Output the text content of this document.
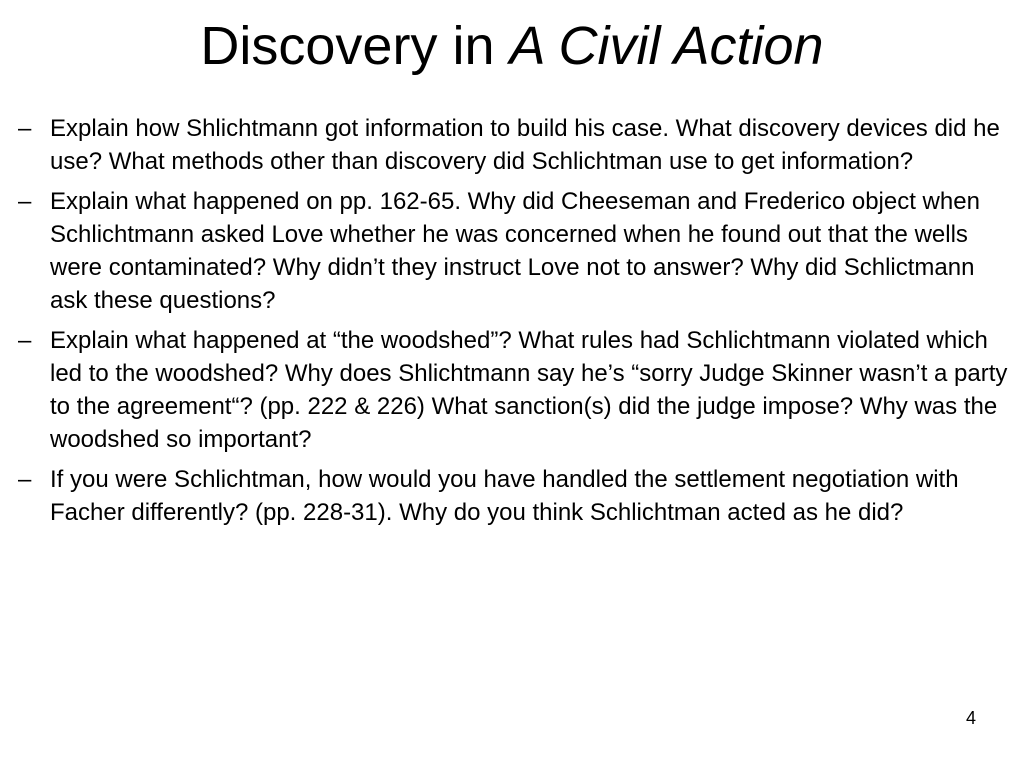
Discovery in A Civil Action
– Explain how Shlichtmann got information to build his case. What discovery devices did he use? What methods other than discovery did Schlichtman use to get information?
– Explain what happened on pp. 162-65. Why did Cheeseman and Frederico object when Schlichtmann asked Love whether he was concerned when he found out that the wells were contaminated? Why didn’t they instruct Love not to answer? Why did Schlictmann ask these questions?
– Explain what happened at “the woodshed”? What rules had Schlichtmann violated which led to the woodshed? Why does Shlichtmann say he’s “sorry Judge Skinner wasn’t a party to the agreement“? (pp. 222 & 226) What sanction(s) did the judge impose? Why was the woodshed so important?
– If you were Schlichtman, how would you have handled the settlement negotiation with Facher differently? (pp. 228-31). Why do you think Schlichtman acted as he did?
4
